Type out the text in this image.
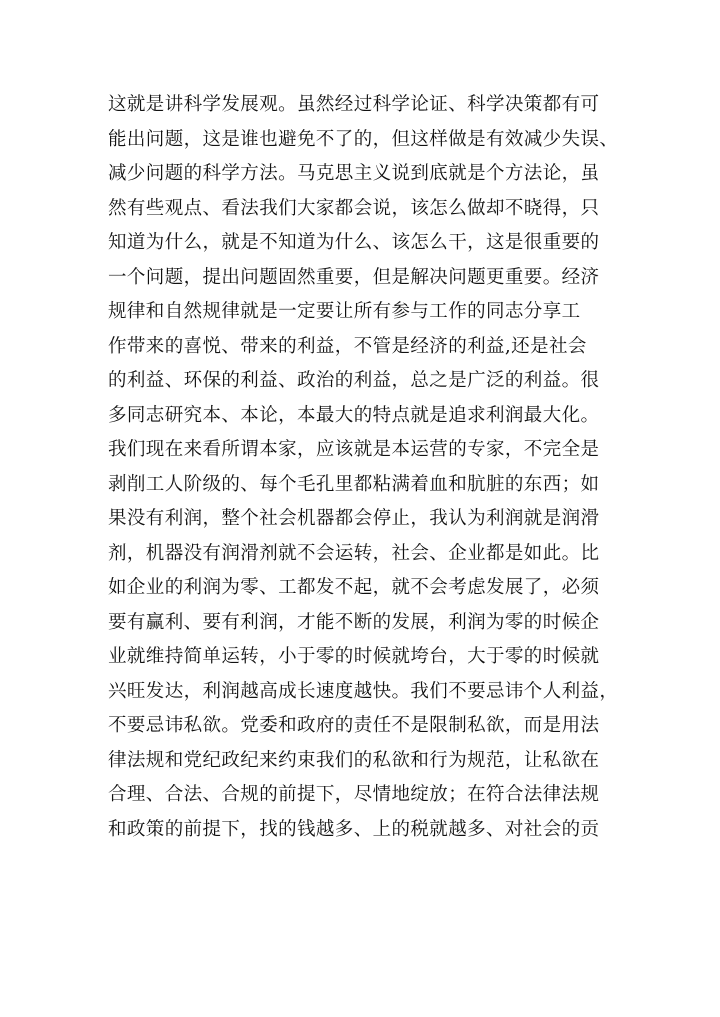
这就是讲科学发展观。虽然经过科学论证、科学决策都有可
能出问题，这是谁也避免不了的，但这样做是有效减少失误、
减少问题的科学方法。马克思主义说到底就是个方法论，虽
然有些观点、看法我们大家都会说，该怎么做却不晓得，只
知道为什么，就是不知道为什么、该怎么干，这是很重要的
一个问题，提出问题固然重要，但是解决问题更重要。经济
规律和自然规律就是一定要让所有参与工作的同志分享工
作带来的喜悦、带来的利益，不管是经济的利益,还是社会
的利益、环保的利益、政治的利益，总之是广泛的利益。很
多同志研究本、本论，本最大的特点就是追求利润最大化。
我们现在来看所谓本家，应该就是本运营的专家，不完全是
剥削工人阶级的、每个毛孔里都粘满着血和肮脏的东西；如
果没有利润，整个社会机器都会停止，我认为利润就是润滑
剂，机器没有润滑剂就不会运转，社会、企业都是如此。比
如企业的利润为零、工都发不起，就不会考虑发展了，必须
要有赢利、要有利润，才能不断的发展，利润为零的时候企
业就维持简单运转，小于零的时候就垮台，大于零的时候就
兴旺发达，利润越高成长速度越快。我们不要忌讳个人利益，
不要忌讳私欲。党委和政府的责任不是限制私欲，而是用法
律法规和党纪政纪来约束我们的私欲和行为规范，让私欲在
合理、合法、合规的前提下，尽情地绽放；在符合法律法规
和政策的前提下，找的钱越多、上的税就越多、对社会的贡
